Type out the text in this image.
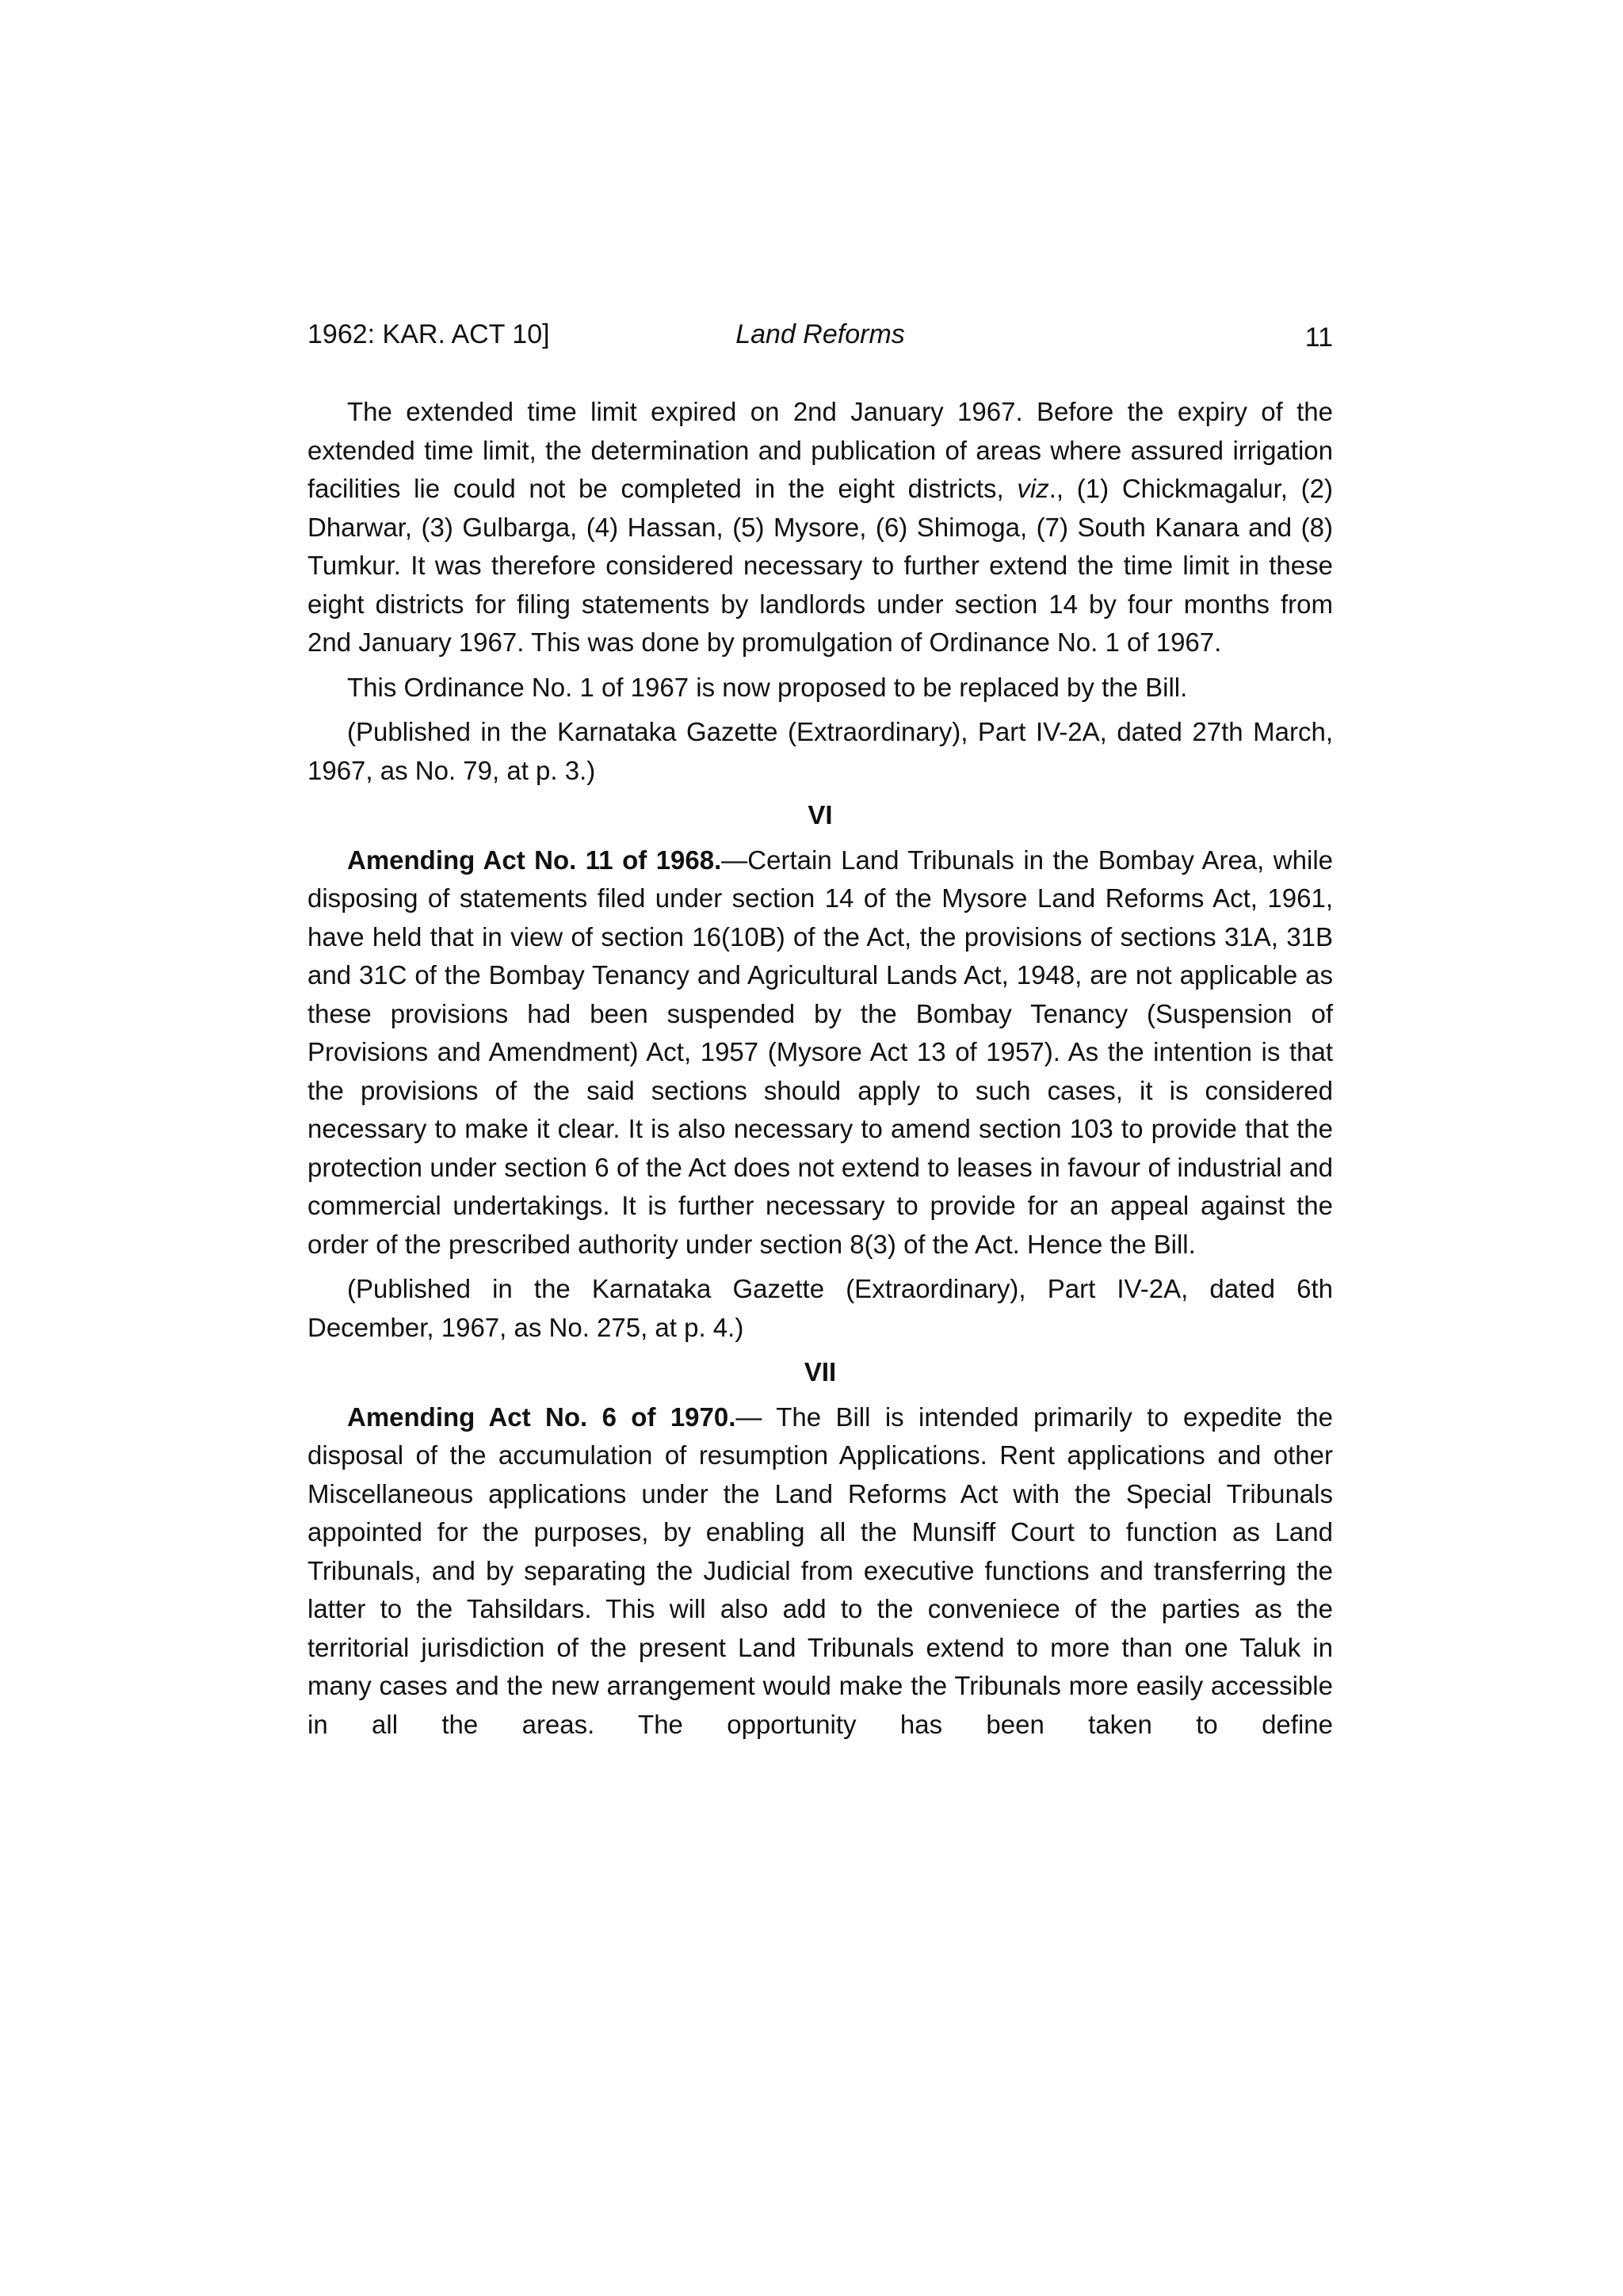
1962: KAR. ACT 10]	Land Reforms	11

The extended time limit expired on 2nd January 1967. Before the expiry of the extended time limit, the determination and publication of areas where assured irrigation facilities lie could not be completed in the eight districts, viz., (1) Chickmagalur, (2) Dharwar, (3) Gulbarga, (4) Hassan, (5) Mysore, (6) Shimoga, (7) South Kanara and (8) Tumkur. It was therefore considered necessary to further extend the time limit in these eight districts for filing statements by landlords under section 14 by four months from 2nd January 1967. This was done by promulgation of Ordinance No. 1 of 1967.

This Ordinance No. 1 of 1967 is now proposed to be replaced by the Bill.

(Published in the Karnataka Gazette (Extraordinary), Part IV-2A, dated 27th March, 1967, as No. 79, at p. 3.)

VI

Amending Act No. 11 of 1968.—Certain Land Tribunals in the Bombay Area, while disposing of statements filed under section 14 of the Mysore Land Reforms Act, 1961, have held that in view of section 16(10B) of the Act, the provisions of sections 31A, 31B and 31C of the Bombay Tenancy and Agricultural Lands Act, 1948, are not applicable as these provisions had been suspended by the Bombay Tenancy (Suspension of Provisions and Amendment) Act, 1957 (Mysore Act 13 of 1957). As the intention is that the provisions of the said sections should apply to such cases, it is considered necessary to make it clear. It is also necessary to amend section 103 to provide that the protection under section 6 of the Act does not extend to leases in favour of industrial and commercial undertakings. It is further necessary to provide for an appeal against the order of the prescribed authority under section 8(3) of the Act. Hence the Bill.

(Published in the Karnataka Gazette (Extraordinary), Part IV-2A, dated 6th December, 1967, as No. 275, at p. 4.)

VII

Amending Act No. 6 of 1970.— The Bill is intended primarily to expedite the disposal of the accumulation of resumption Applications. Rent applications and other Miscellaneous applications under the Land Reforms Act with the Special Tribunals appointed for the purposes, by enabling all the Munsiff Court to function as Land Tribunals, and by separating the Judicial from executive functions and transferring the latter to the Tahsildars. This will also add to the conveniece of the parties as the territorial jurisdiction of the present Land Tribunals extend to more than one Taluk in many cases and the new arrangement would make the Tribunals more easily accessible in all the areas. The opportunity has been taken to define
